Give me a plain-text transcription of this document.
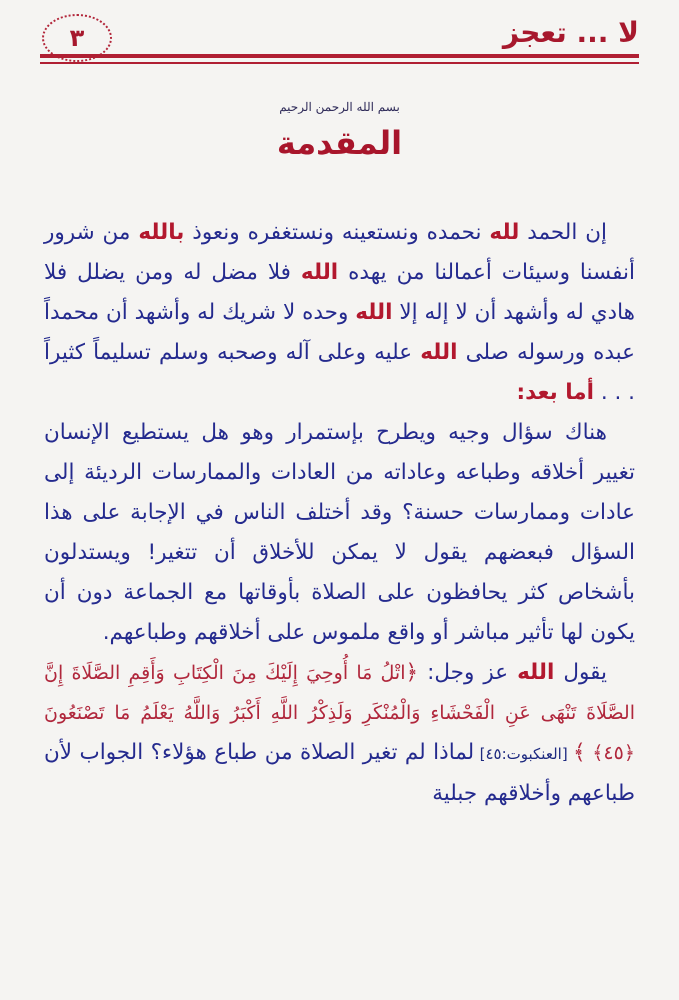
٣	لا ... تعجز
بسم الله الرحمن الرحيم
المقدمة

إن الحمد لله نحمده ونستعينه ونستغفره ونعوذ بالله من شرور أنفسنا وسيئات أعمالنا من يهده الله فلا مضل له ومن يضلل فلا هادي له وأشهد أن لا إله إلا الله وحده لا شريك له وأشهد أن محمداً عبده ورسوله صلى الله عليه وعلى آله وصحبه وسلم تسليماً كثيراً . . . أما بعد:

هناك سؤال وجيه ويطرح بإستمرار وهو هل يستطيع الإنسان تغيير أخلاقه وطباعه وعاداته من العادات والممارسات الرديئة إلى عادات وممارسات حسنة؟ وقد أختلف الناس في الإجابة على هذا السؤال فبعضهم يقول لا يمكن للأخلاق أن تتغير! ويستدلون بأشخاص كثر يحافظون على الصلاة بأوقاتها مع الجماعة دون أن يكون لها تأثير مباشر أو واقع ملموس على أخلاقهم وطباعهم.

يقول الله عز وجل: ﴿اتْلُ مَا أُوحِيَ إِلَيْكَ مِنَ الْكِتَابِ وَأَقِمِ الصَّلَاةَ إِنَّ الصَّلَاةَ تَنْهَى عَنِ الْفَحْشَاءِ وَالْمُنْكَرِ وَلَذِكْرُ اللَّهِ أَكْبَرُ وَاللَّهُ يَعْلَمُ مَا تَصْنَعُونَ ﴿٤٥﴾ ﴾ [العنكبوت:٤٥] لماذا لم تغير الصلاة من طباع هؤلاء؟ الجواب لأن طباعهم وأخلاقهم جبلية
